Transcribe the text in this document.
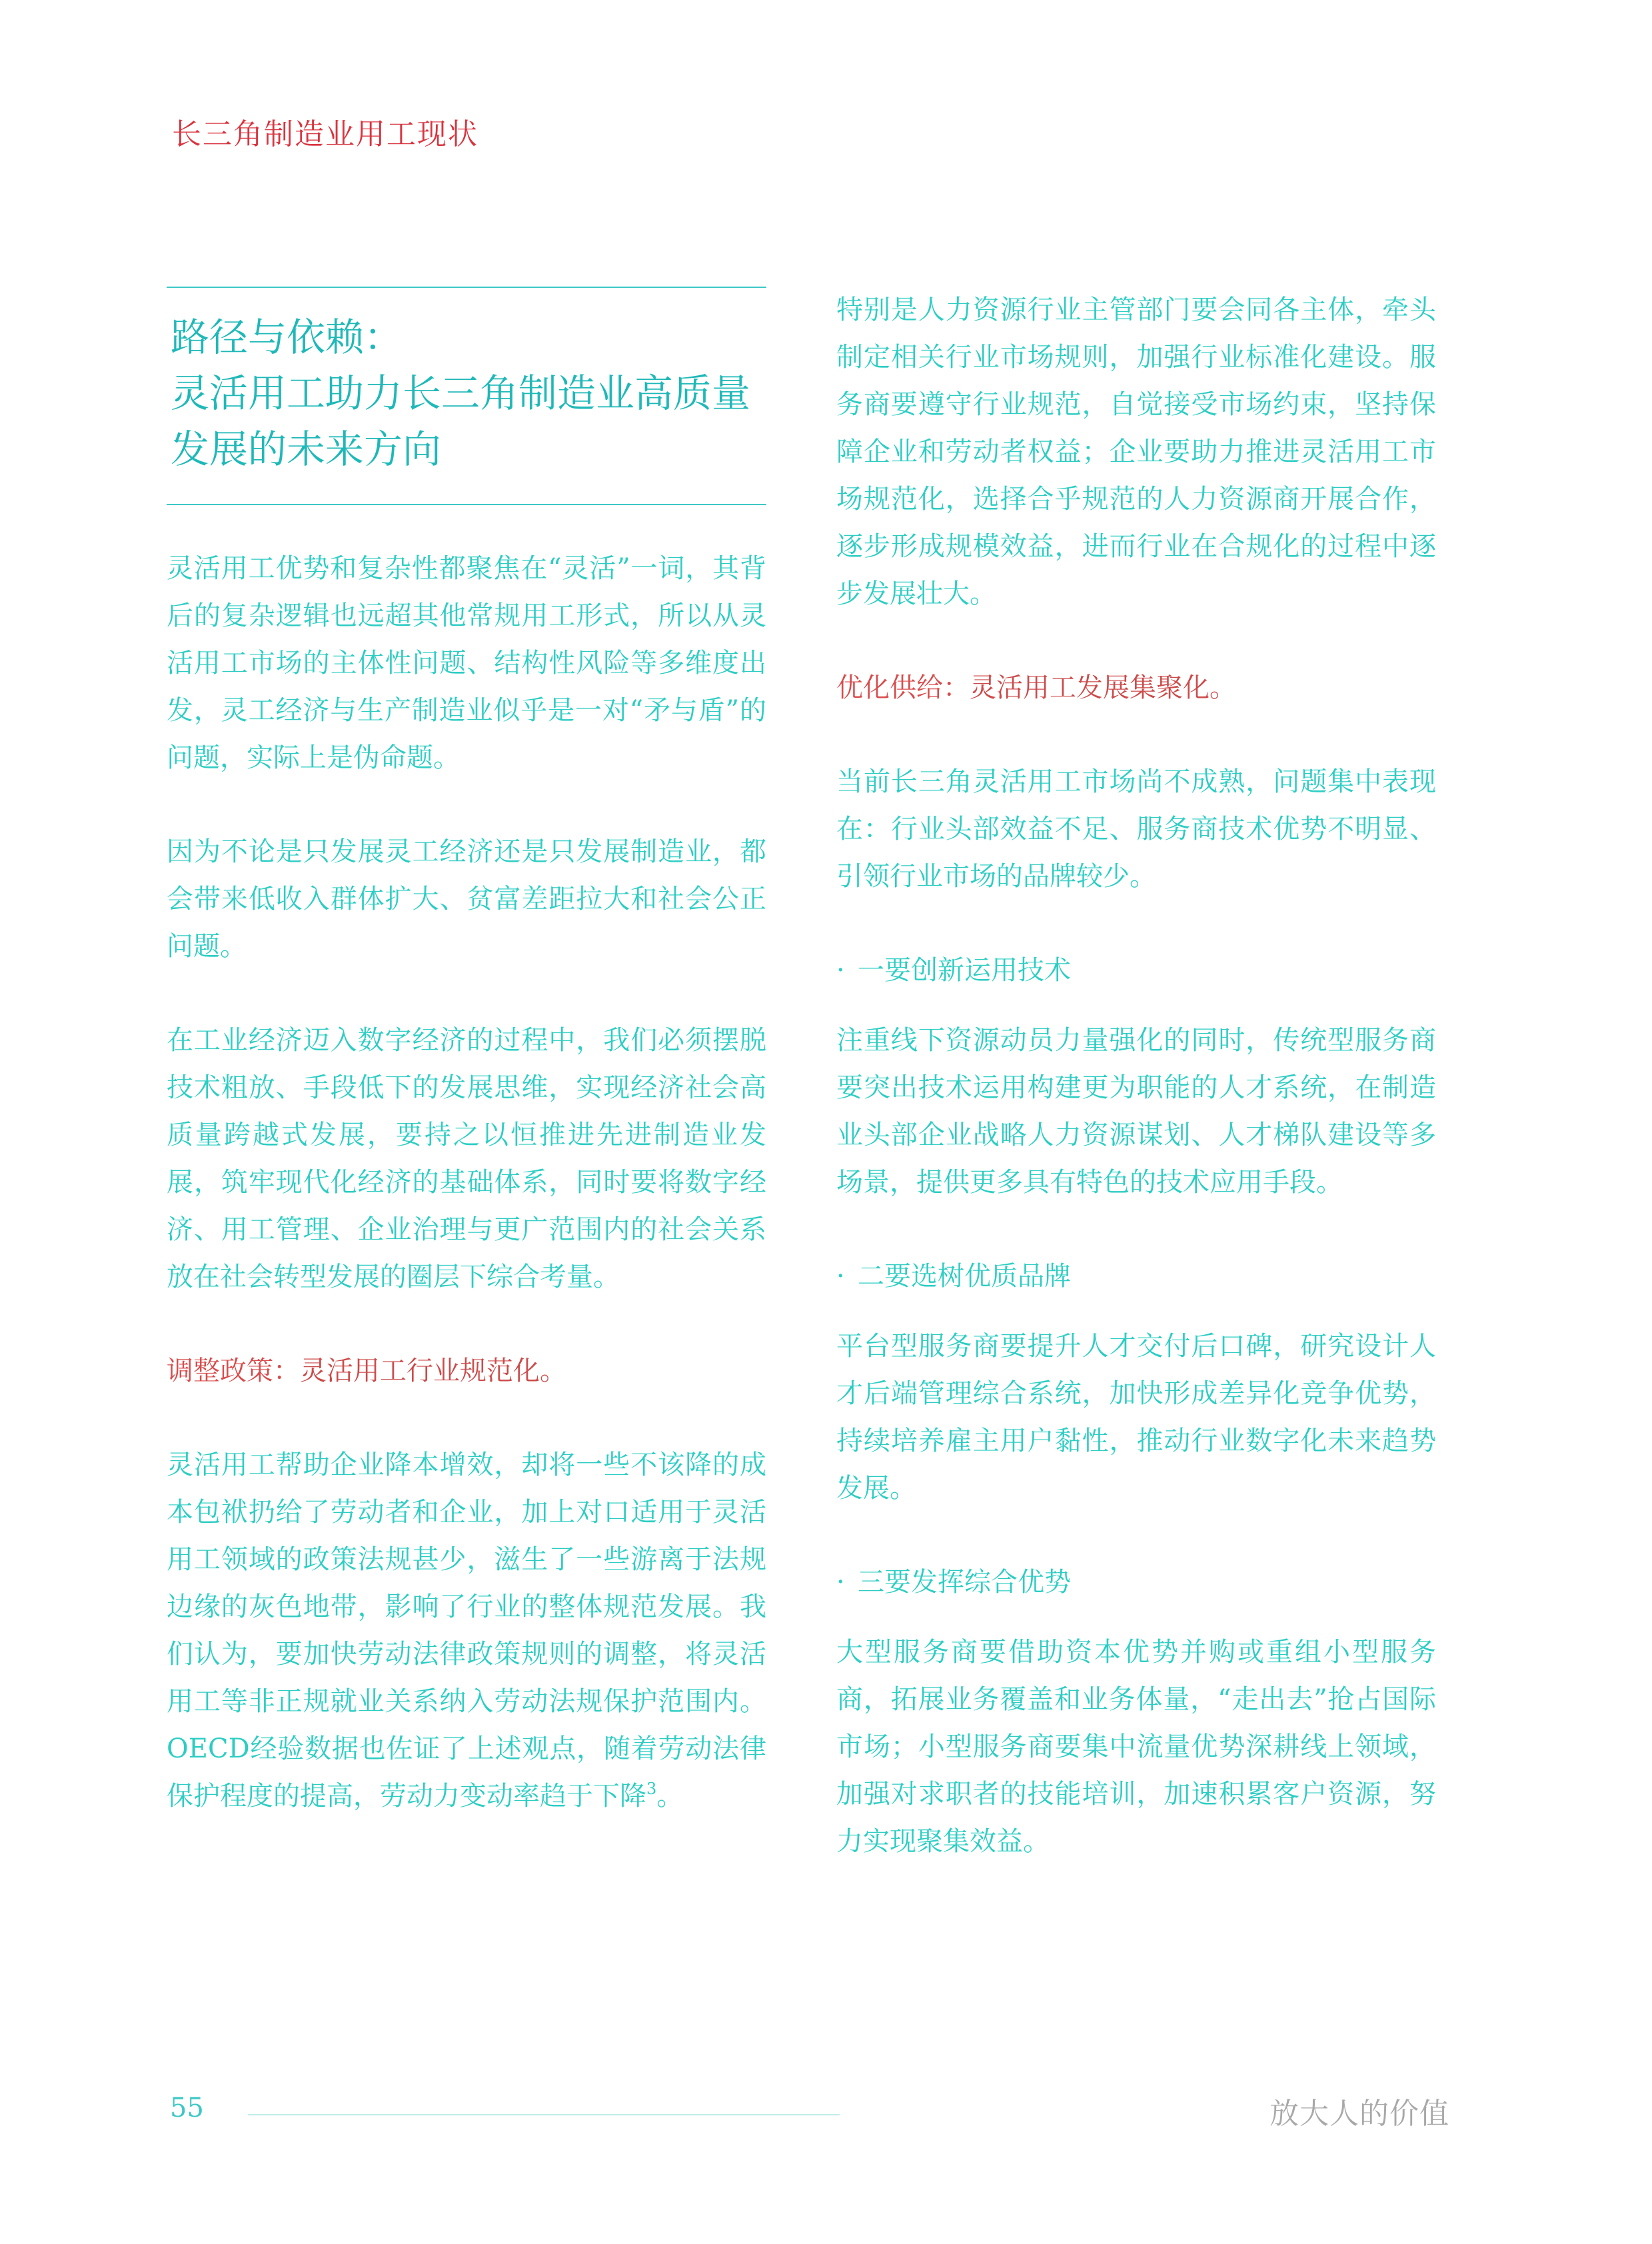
长三角制造业用工现状

路径与依赖：
灵活用工助力长三角制造业高质量
发展的未来方向

灵活用工优势和复杂性都聚焦在“灵活”一词，其背后的复杂逻辑也远超其他常规用工形式，所以从灵活用工市场的主体性问题、结构性风险等多维度出发，灵工经济与生产制造业似乎是一对“矛与盾”的问题，实际上是伪命题。

因为不论是只发展灵工经济还是只发展制造业，都会带来低收入群体扩大、贫富差距拉大和社会公正问题。

在工业经济迈入数字经济的过程中，我们必须摆脱技术粗放、手段低下的发展思维，实现经济社会高质量跨越式发展，要持之以恒推进先进制造业发展，筑牢现代化经济的基础体系，同时要将数字经济、用工管理、企业治理与更广范围内的社会关系放在社会转型发展的圈层下综合考量。

调整政策：灵活用工行业规范化。

灵活用工帮助企业降本增效，却将一些不该降的成本包袱扔给了劳动者和企业，加上对口适用于灵活用工领域的政策法规甚少，滋生了一些游离于法规边缘的灰色地带，影响了行业的整体规范发展。我们认为，要加快劳动法律政策规则的调整，将灵活用工等非正规就业关系纳入劳动法规保护范围内。OECD经验数据也佐证了上述观点，随着劳动法律保护程度的提高，劳动力变动率趋于下降$^3$。

特别是人力资源行业主管部门要会同各主体，牵头制定相关行业市场规则，加强行业标准化建设。服务商要遵守行业规范，自觉接受市场约束，坚持保障企业和劳动者权益；企业要助力推进灵活用工市场规范化，选择合乎规范的人力资源商开展合作，逐步形成规模效益，进而行业在合规化的过程中逐步发展壮大。

优化供给：灵活用工发展集聚化。

当前长三角灵活用工市场尚不成熟，问题集中表现在：行业头部效益不足、服务商技术优势不明显、引领行业市场的品牌较少。

· 一要创新运用技术

注重线下资源动员力量强化的同时，传统型服务商要突出技术运用构建更为职能的人才系统，在制造业头部企业战略人力资源谋划、人才梯队建设等多场景，提供更多具有特色的技术应用手段。

· 二要选树优质品牌

平台型服务商要提升人才交付后口碑，研究设计人才后端管理综合系统，加快形成差异化竞争优势，持续培养雇主用户黏性，推动行业数字化未来趋势发展。

· 三要发挥综合优势

大型服务商要借助资本优势并购或重组小型服务商，拓展业务覆盖和业务体量，“走出去”抢占国际市场；小型服务商要集中流量优势深耕线上领域，加强对求职者的技能培训，加速积累客户资源，努力实现聚集效益。

55	放大人的价值
